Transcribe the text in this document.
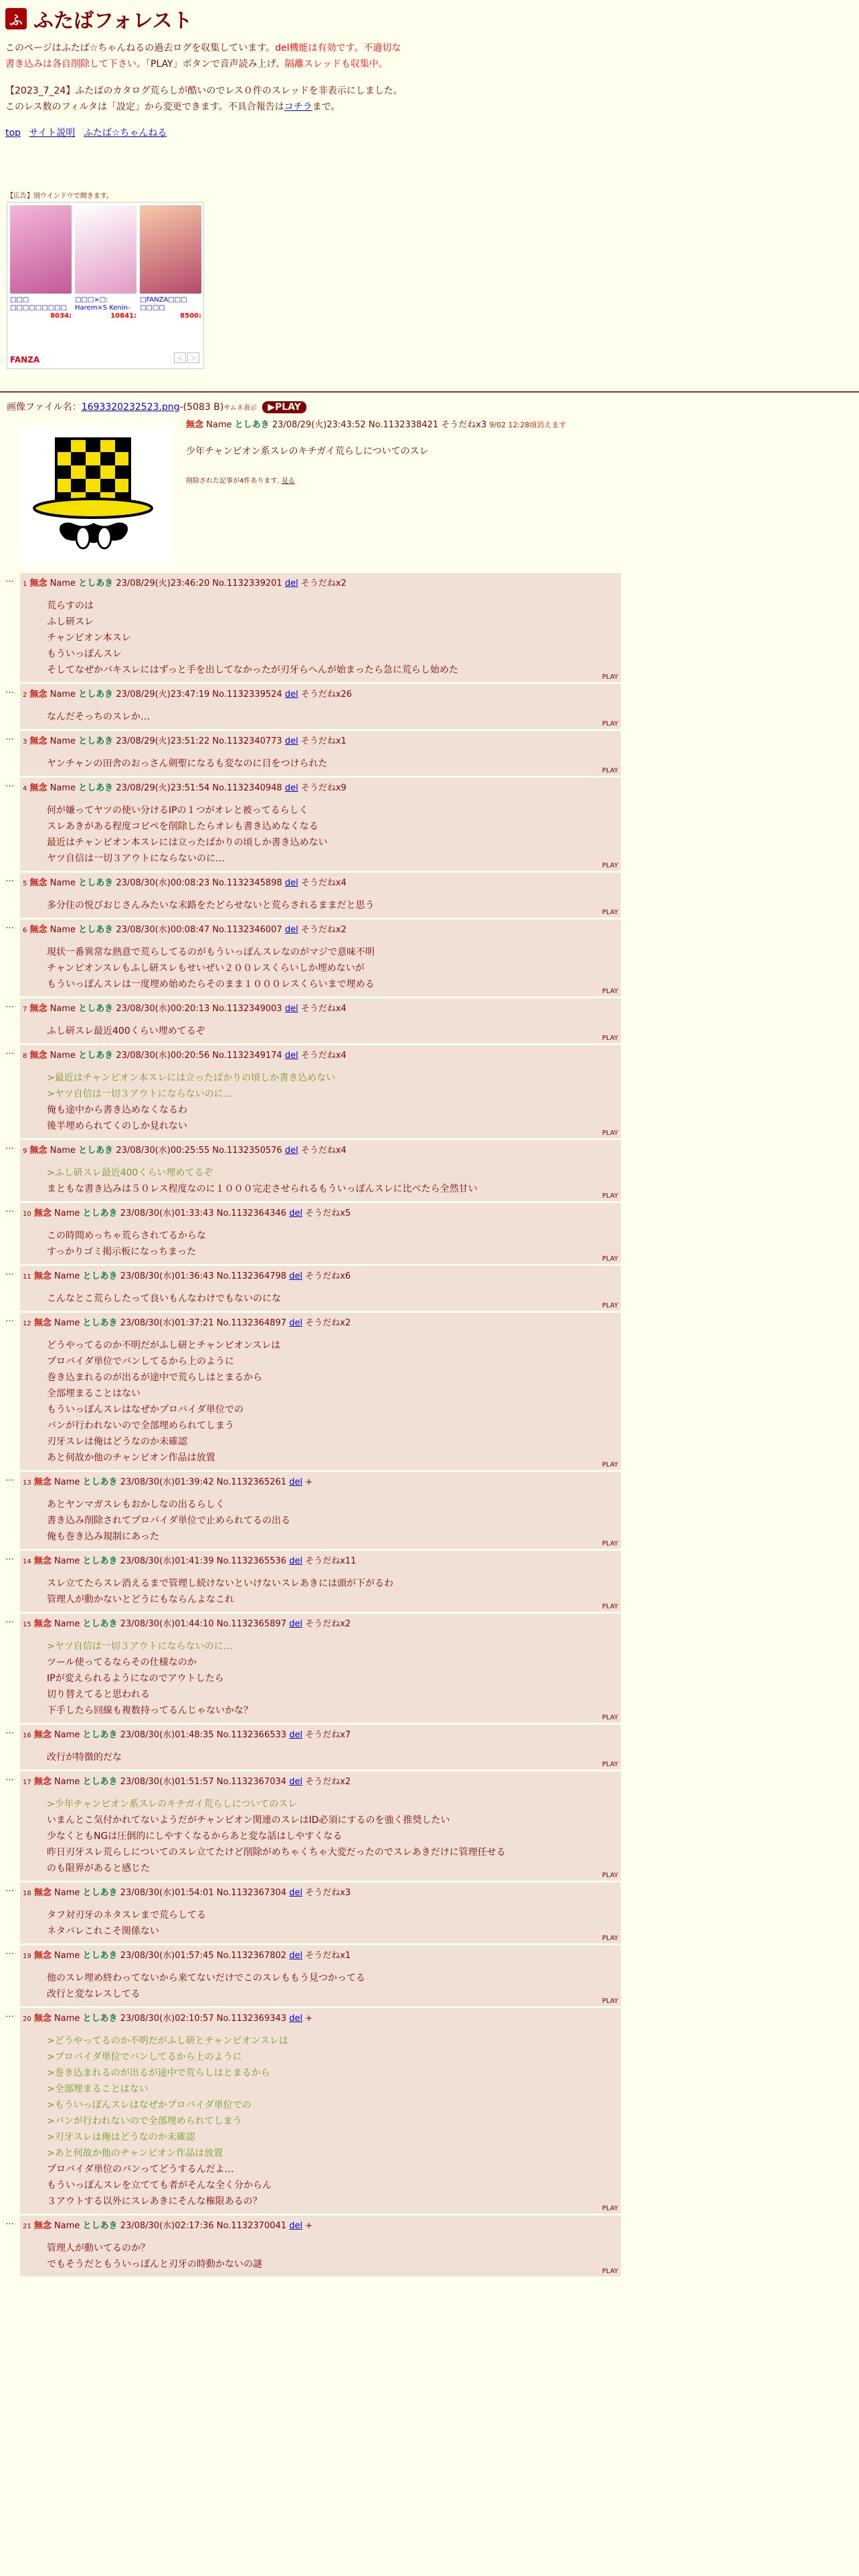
ふ ふたばフォレスト
このページはふたば☆ちゃんねるの過去ログを収集しています。del機能は有効です。不適切な書き込みは各自削除して下さい。「PLAY」ボタンで音声読み上げ。隔離スレッドも収集中。
【2023_7_24】ふたばのカタログ荒らしが酷いのでレス０件のスレッドを非表示にしました。このレス数のフィルタは「設定」から変更できます。不具合報告はコチラまで。
top サイト説明 ふたば☆ちゃんねる
【広告】別ウインドウで開きます。
□□□ □□□□□□□□□
8034:
□□□×□: Harem×S Kenin-
10841:
□FANZA□□□ □□□□
8500:
FANZA	＜	＞
画像ファイル名：1693320232523.png-(5083 B)サムネ表示 ▶PLAY
無念 Name としあき 23/08/29(火)23:43:52 No.1132338421 そうだねx3 9/02 12:28頃消えます
少年チャンピオン系スレのキチガイ荒らしについてのスレ
削除された記事が4件あります. 見る
…	1 無念 Name としあき 23/08/29(火)23:46:20 No.1132339201 del そうだねx2
荒らすのは
ふし研スレ
チャンピオン本スレ
もういっぽんスレ
そしてなぜかバキスレにはずっと手を出してなかったが刃牙らへんが始まったら急に荒らし始めた
PLAY
…	2 無念 Name としあき 23/08/29(火)23:47:19 No.1132339524 del そうだねx26
なんだそっちのスレか…
PLAY
…	3 無念 Name としあき 23/08/29(火)23:51:22 No.1132340773 del そうだねx1
ヤンチャンの田舎のおっさん剣聖になるも変なのに目をつけられた
PLAY
…	4 無念 Name としあき 23/08/29(火)23:51:54 No.1132340948 del そうだねx9
何が嫌ってヤツの使い分けるIPの１つがオレと被ってるらしく
スレあきがある程度コピペを削除したらオレも書き込めなくなる
最近はチャンピオン本スレには立ったばかりの頃しか書き込めない
ヤツ自信は一切３アウトにならないのに…
PLAY
…	5 無念 Name としあき 23/08/30(水)00:08:23 No.1132345898 del そうだねx4
多分住の悦びおじさんみたいな末路をたどらせないと荒らされるままだと思う
PLAY
…	6 無念 Name としあき 23/08/30(水)00:08:47 No.1132346007 del そうだねx2
現状一番異常な熱意で荒らしてるのがもういっぽんスレなのがマジで意味不明
チャンピオンスレもふし研スレもせいぜい２００レスくらいしか埋めないが
もういっぽんスレは一度埋め始めたらそのまま１０００レスくらいまで埋める
PLAY
…	7 無念 Name としあき 23/08/30(水)00:20:13 No.1132349003 del そうだねx4
ふし研スレ最近400くらい埋めてるぞ
PLAY
…	8 無念 Name としあき 23/08/30(水)00:20:56 No.1132349174 del そうだねx4
>最近はチャンピオン本スレには立ったばかりの頃しか書き込めない
>ヤツ自信は一切３アウトにならないのに…
俺も途中から書き込めなくなるわ
後半埋められてくのしか見れない
PLAY
…	9 無念 Name としあき 23/08/30(水)00:25:55 No.1132350576 del そうだねx4
>ふし研スレ最近400くらい埋めてるぞ
まともな書き込みは５０レス程度なのに１０００完走させられるもういっぽんスレに比べたら全然甘い
PLAY
…	10 無念 Name としあき 23/08/30(水)01:33:43 No.1132364346 del そうだねx5
この時間めっちゃ荒らされてるからな
すっかりゴミ掲示板になっちまった
PLAY
…	11 無念 Name としあき 23/08/30(水)01:36:43 No.1132364798 del そうだねx6
こんなとこ荒らしたって良いもんなわけでもないのにな
PLAY
…	12 無念 Name としあき 23/08/30(水)01:37:21 No.1132364897 del そうだねx2
どうやってるのか不明だがふし研とチャンピオンスレは
プロバイダ単位でバンしてるから上のように
巻き込まれるのが出るが途中で荒らしはとまるから
全部埋まることはない
もういっぽんスレはなぜかプロバイダ単位での
バンが行われないので全部埋められてしまう
刃牙スレは俺はどうなのか未確認
あと何故か他のチャンピオン作品は放置
PLAY
…	13 無念 Name としあき 23/08/30(水)01:39:42 No.1132365261 del +
あとヤンマガスレもおかしなの出るらしく
書き込み削除されてプロバイダ単位で止められてるの出る
俺も巻き込み規制にあった
PLAY
…	14 無念 Name としあき 23/08/30(水)01:41:39 No.1132365536 del そうだねx11
スレ立てたらスレ消えるまで管理し続けないといけないスレあきには頭が下がるわ
管理人が動かないとどうにもならんよなこれ
PLAY
…	15 無念 Name としあき 23/08/30(水)01:44:10 No.1132365897 del そうだねx2
>ヤツ自信は一切３アウトにならないのに…
ツール使ってるならその仕様なのか
IPが変えられるようになのでアウトしたら
切り替えてると思われる
下手したら回線も複数持ってるんじゃないかな？
PLAY
…	16 無念 Name としあき 23/08/30(水)01:48:35 No.1132366533 del そうだねx7
改行が特徴的だな
PLAY
…	17 無念 Name としあき 23/08/30(水)01:51:57 No.1132367034 del そうだねx2
>少年チャンピオン系スレのキチガイ荒らしについてのスレ
いまんとこ気付かれてないようだがチャンピオン関連のスレはID必須にするのを強く推奨したい
少なくともNGは圧倒的にしやすくなるからあと変な話はしやすくなる
昨日刃牙スレ荒らしについてのスレ立てたけど削除がめちゃくちゃ大変だったのでスレあきだけに管理任せる
のも限界があると感じた
PLAY
…	18 無念 Name としあき 23/08/30(水)01:54:01 No.1132367304 del そうだねx3
タフ対刃牙のネタスレまで荒らしてる
ネタバレこれこそ関係ない
PLAY
…	19 無念 Name としあき 23/08/30(水)01:57:45 No.1132367802 del そうだねx1
他のスレ埋め終わってないから来てないだけでこのスレももう見つかってる
改行と変なレスしてる
PLAY
…	20 無念 Name としあき 23/08/30(水)02:10:57 No.1132369343 del +
>どうやってるのか不明だがふし研とチャンピオンスレは
>プロバイダ単位でバンしてるから上のように
>巻き込まれるのが出るが途中で荒らしはとまるから
>全部埋まることはない
>もういっぽんスレはなぜかプロバイダ単位での
>バンが行われないので全部埋められてしまう
>刃牙スレは俺はどうなのか未確認
>あと何故か他のチャンピオン作品は放置
プロバイダ単位のバンってどうするんだよ…
もういっぽんスレを立てても者がそんな全く分からん
３アウトする以外にスレあきにそんな権限あるの？
PLAY
…	21 無念 Name としあき 23/08/30(水)02:17:36 No.1132370041 del +
管理人が動いてるのか？
でもそうだともういっぽんと刃牙の時動かないの謎
PLAY
